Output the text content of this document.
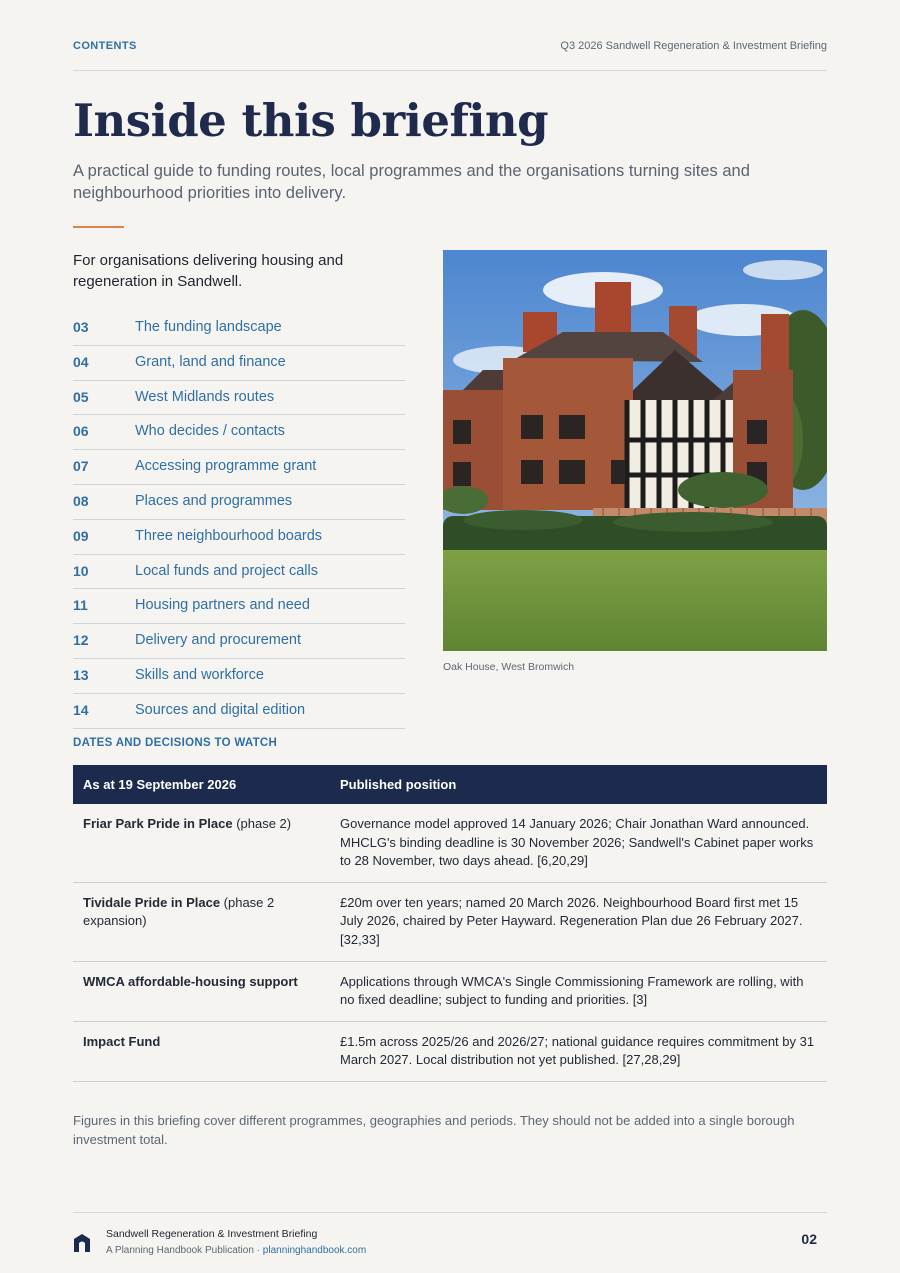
CONTENTS	Q3 2026 Sandwell Regeneration & Investment Briefing
Inside this briefing

A practical guide to funding routes, local programmes and the organisations turning sites and neighbourhood priorities into delivery.

For organisations delivering housing and regeneration in Sandwell.

03	The funding landscape
04	Grant, land and finance
05	West Midlands routes
06	Who decides / contacts
07	Accessing programme grant
08	Places and programmes
09	Three neighbourhood boards
10	Local funds and project calls
11	Housing partners and need
12	Delivery and procurement
13	Skills and workforce
14	Sources and digital edition

Oak House, West Bromwich

DATES AND DECISIONS TO WATCH
As at 19 September 2026	Published position
Friar Park Pride in Place (phase 2)	Governance model approved 14 January 2026; Chair Jonathan Ward announced. MHCLG's binding deadline is 30 November 2026; Sandwell's Cabinet paper works to 28 November, two days ahead. [6,20,29]
Tividale Pride in Place (phase 2 expansion)	£20m over ten years; named 20 March 2026. Neighbourhood Board first met 15 July 2026, chaired by Peter Hayward. Regeneration Plan due 26 February 2027. [32,33]
WMCA affordable-housing support	Applications through WMCA's Single Commissioning Framework are rolling, with no fixed deadline; subject to funding and priorities. [3]
Impact Fund	£1.5m across 2025/26 and 2026/27; national guidance requires commitment by 31 March 2027. Local distribution not yet published. [27,28,29]

Figures in this briefing cover different programmes, geographies and periods. They should not be added into a single borough investment total.

Sandwell Regeneration & Investment Briefing
A Planning Handbook Publication · planninghandbook.com
02
